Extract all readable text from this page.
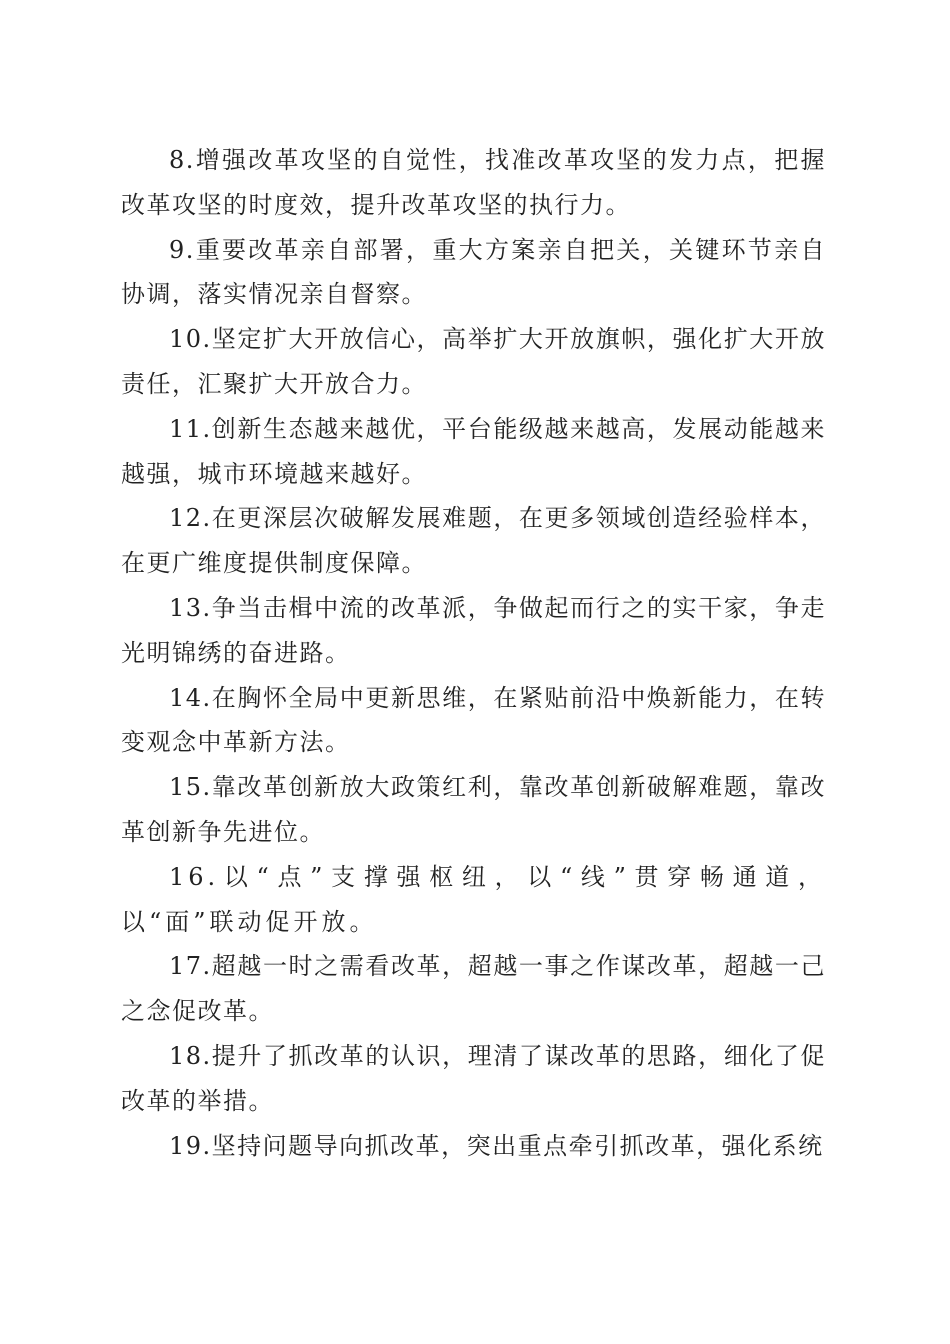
8.增强改革攻坚的自觉性，找准改革攻坚的发力点，把握改革攻坚的时度效，提升改革攻坚的执行力。

9.重要改革亲自部署，重大方案亲自把关，关键环节亲自协调，落实情况亲自督察。

10.坚定扩大开放信心，高举扩大开放旗帜，强化扩大开放责任，汇聚扩大开放合力。

11.创新生态越来越优，平台能级越来越高，发展动能越来越强，城市环境越来越好。

12.在更深层次破解发展难题，在更多领域创造经验样本，在更广维度提供制度保障。

13.争当击楫中流的改革派，争做起而行之的实干家，争走光明锦绣的奋进路。

14.在胸怀全局中更新思维，在紧贴前沿中焕新能力，在转变观念中革新方法。

15.靠改革创新放大政策红利，靠改革创新破解难题，靠改革创新争先进位。

16.以“点”支撑强枢纽，以“线”贯穿畅通道，以“面”联动促开放。

17.超越一时之需看改革，超越一事之作谋改革，超越一己之念促改革。

18.提升了抓改革的认识，理清了谋改革的思路，细化了促改革的举措。

19.坚持问题导向抓改革，突出重点牵引抓改革，强化系统
